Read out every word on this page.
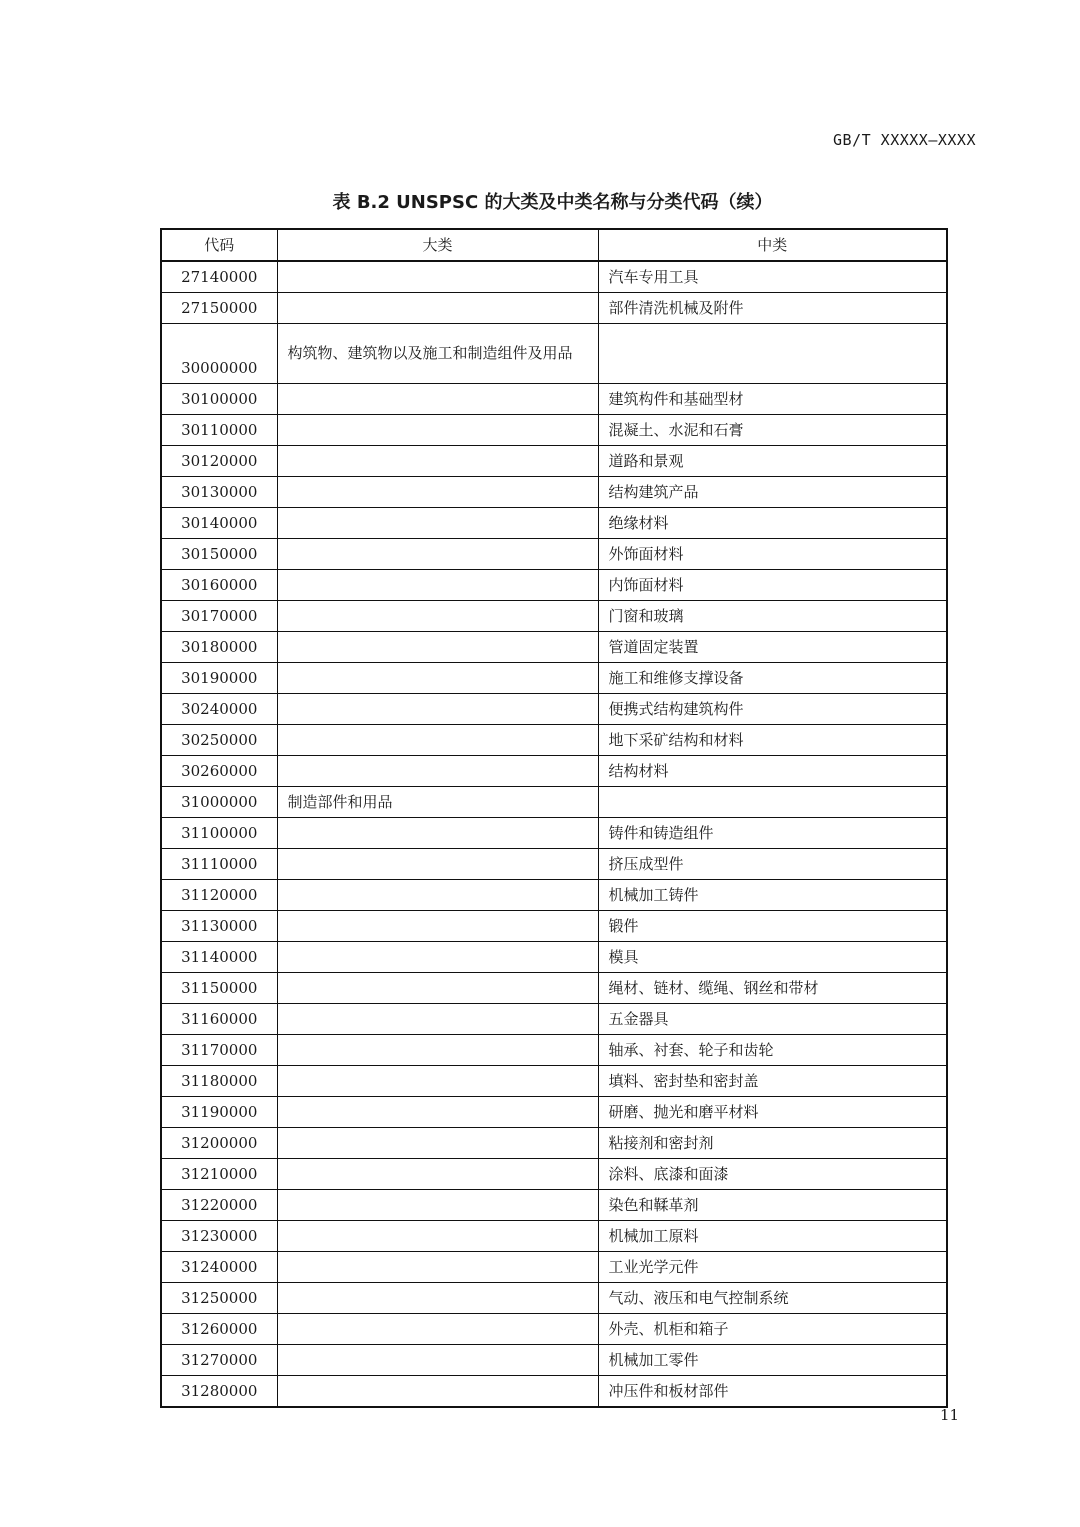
GB/T XXXXX—XXXX
表 B.2 UNSPSC 的大类及中类名称与分类代码（续）
代码	大类	中类
27140000		汽车专用工具
27150000		部件清洗机械及附件
30000000	构筑物、建筑物以及施工和制造组件及用品	
30100000		建筑构件和基础型材
30110000		混凝土、水泥和石膏
30120000		道路和景观
30130000		结构建筑产品
30140000		绝缘材料
30150000		外饰面材料
30160000		内饰面材料
30170000		门窗和玻璃
30180000		管道固定装置
30190000		施工和维修支撑设备
30240000		便携式结构建筑构件
30250000		地下采矿结构和材料
30260000		结构材料
31000000	制造部件和用品	
31100000		铸件和铸造组件
31110000		挤压成型件
31120000		机械加工铸件
31130000		锻件
31140000		模具
31150000		绳材、链材、缆绳、钢丝和带材
31160000		五金器具
31170000		轴承、衬套、轮子和齿轮
31180000		填料、密封垫和密封盖
31190000		研磨、抛光和磨平材料
31200000		粘接剂和密封剂
31210000		涂料、底漆和面漆
31220000		染色和鞣革剂
31230000		机械加工原料
31240000		工业光学元件
31250000		气动、液压和电气控制系统
31260000		外壳、机柜和箱子
31270000		机械加工零件
31280000		冲压件和板材部件
11
